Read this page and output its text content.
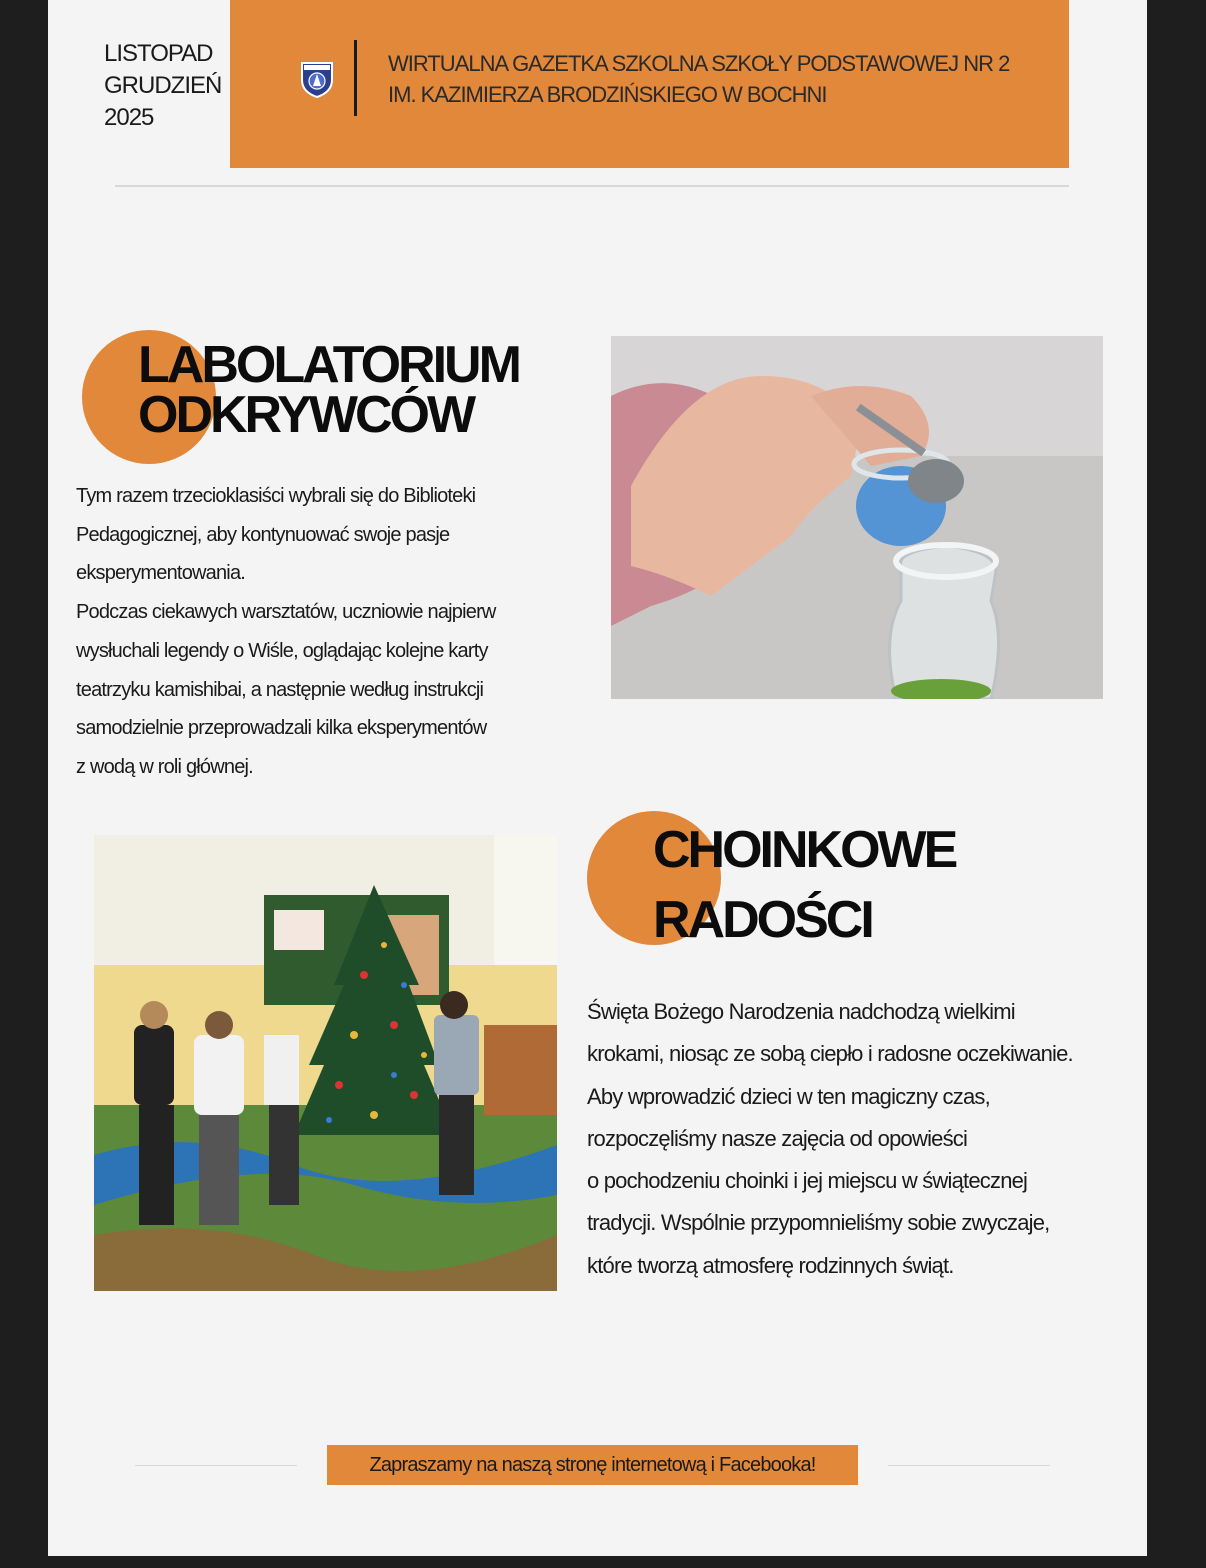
LISTOPAD
GRUDZIEŃ
2025
WIRTUALNA GAZETKA SZKOLNA SZKOŁY PODSTAWOWEJ NR 2
IM. KAZIMIERZA BRODZIŃSKIEGO W BOCHNI
LABOLATORIUM
ODKRYWCÓW
Tym razem trzecioklasiści wybrali się do Biblioteki
Pedagogicznej, aby kontynuować swoje pasje
eksperymentowania.
Podczas ciekawych warsztatów, uczniowie najpierw
wysłuchali legendy o Wiśle, oglądając kolejne karty
teatrzyku kamishibai, a następnie według instrukcji
samodzielnie przeprowadzali kilka eksperymentów
z wodą w roli głównej.
CHOINKOWE
RADOŚCI
Święta Bożego Narodzenia nadchodzą wielkimi
krokami, niosąc ze sobą ciepło i radosne oczekiwanie.
Aby wprowadzić dzieci w ten magiczny czas,
rozpoczęliśmy nasze zajęcia od opowieści
o pochodzeniu choinki i jej miejscu w świątecznej
tradycji. Wspólnie przypomnieliśmy sobie zwyczaje,
które tworzą atmosferę rodzinnych świąt.
Zapraszamy na naszą stronę internetową i Facebooka!
